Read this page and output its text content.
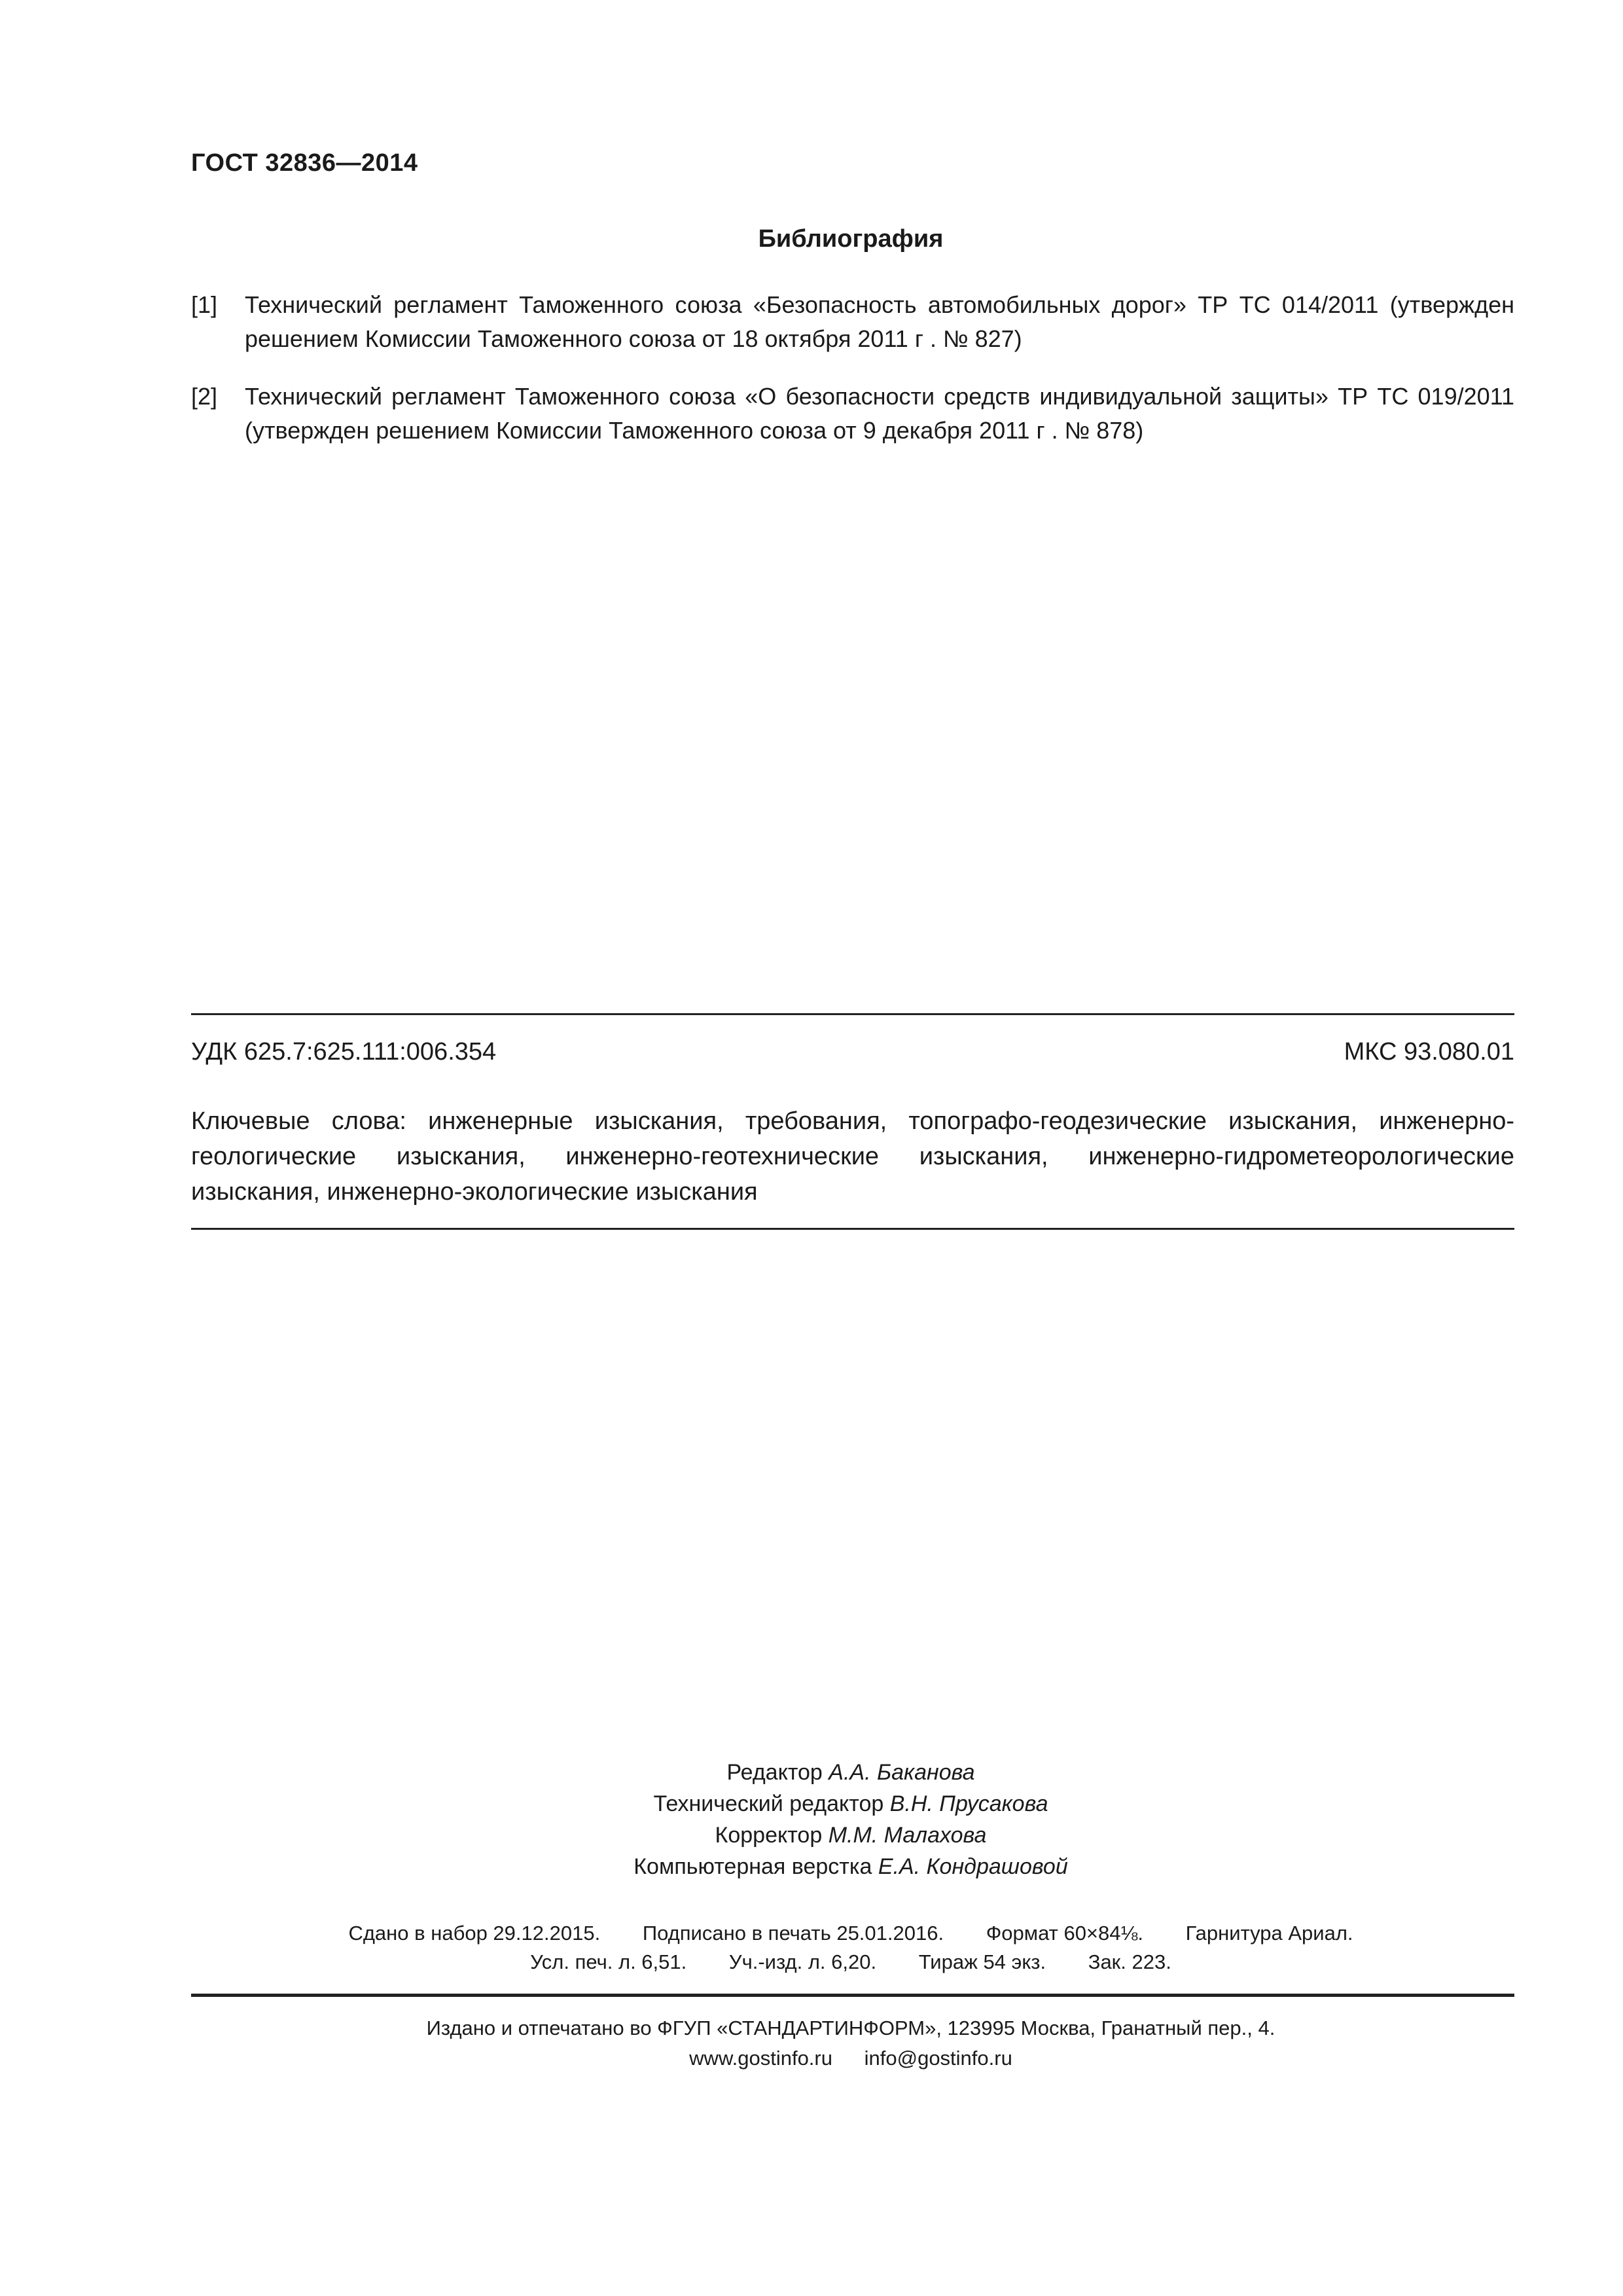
ГОСТ 32836—2014
Библиография
[1] Технический регламент Таможенного союза «Безопасность автомобильных дорог» ТР ТС 014/2011 (утвержден решением Комиссии Таможенного союза от 18 октября 2011 г . № 827)
[2] Технический регламент Таможенного союза «О безопасности средств индивидуальной защиты» ТР ТС 019/2011 (утвержден решением Комиссии Таможенного союза от 9 декабря 2011 г . № 878)
УДК 625.7:625.111:006.354	МКС 93.080.01
Ключевые слова: инженерные изыскания, требования, топографо-геодезические изыскания, инженерно-геологические изыскания, инженерно-геотехнические изыскания, инженерно-гидрометеорологические изыскания, инженерно-экологические изыскания
Редактор А.А. Баканова
Технический редактор В.Н. Прусакова
Корректор М.М. Малахова
Компьютерная верстка Е.А. Кондрашовой
Сдано в набор 29.12.2015. Подписано в печать 25.01.2016. Формат 60×84⅛. Гарнитура Ариал.
Усл. печ. л. 6,51. Уч.-изд. л. 6,20. Тираж 54 экз. Зак. 223.
Издано и отпечатано во ФГУП «СТАНДАРТИНФОРМ», 123995 Москва, Гранатный пер., 4.
www.gostinfo.ru info@gostinfo.ru
